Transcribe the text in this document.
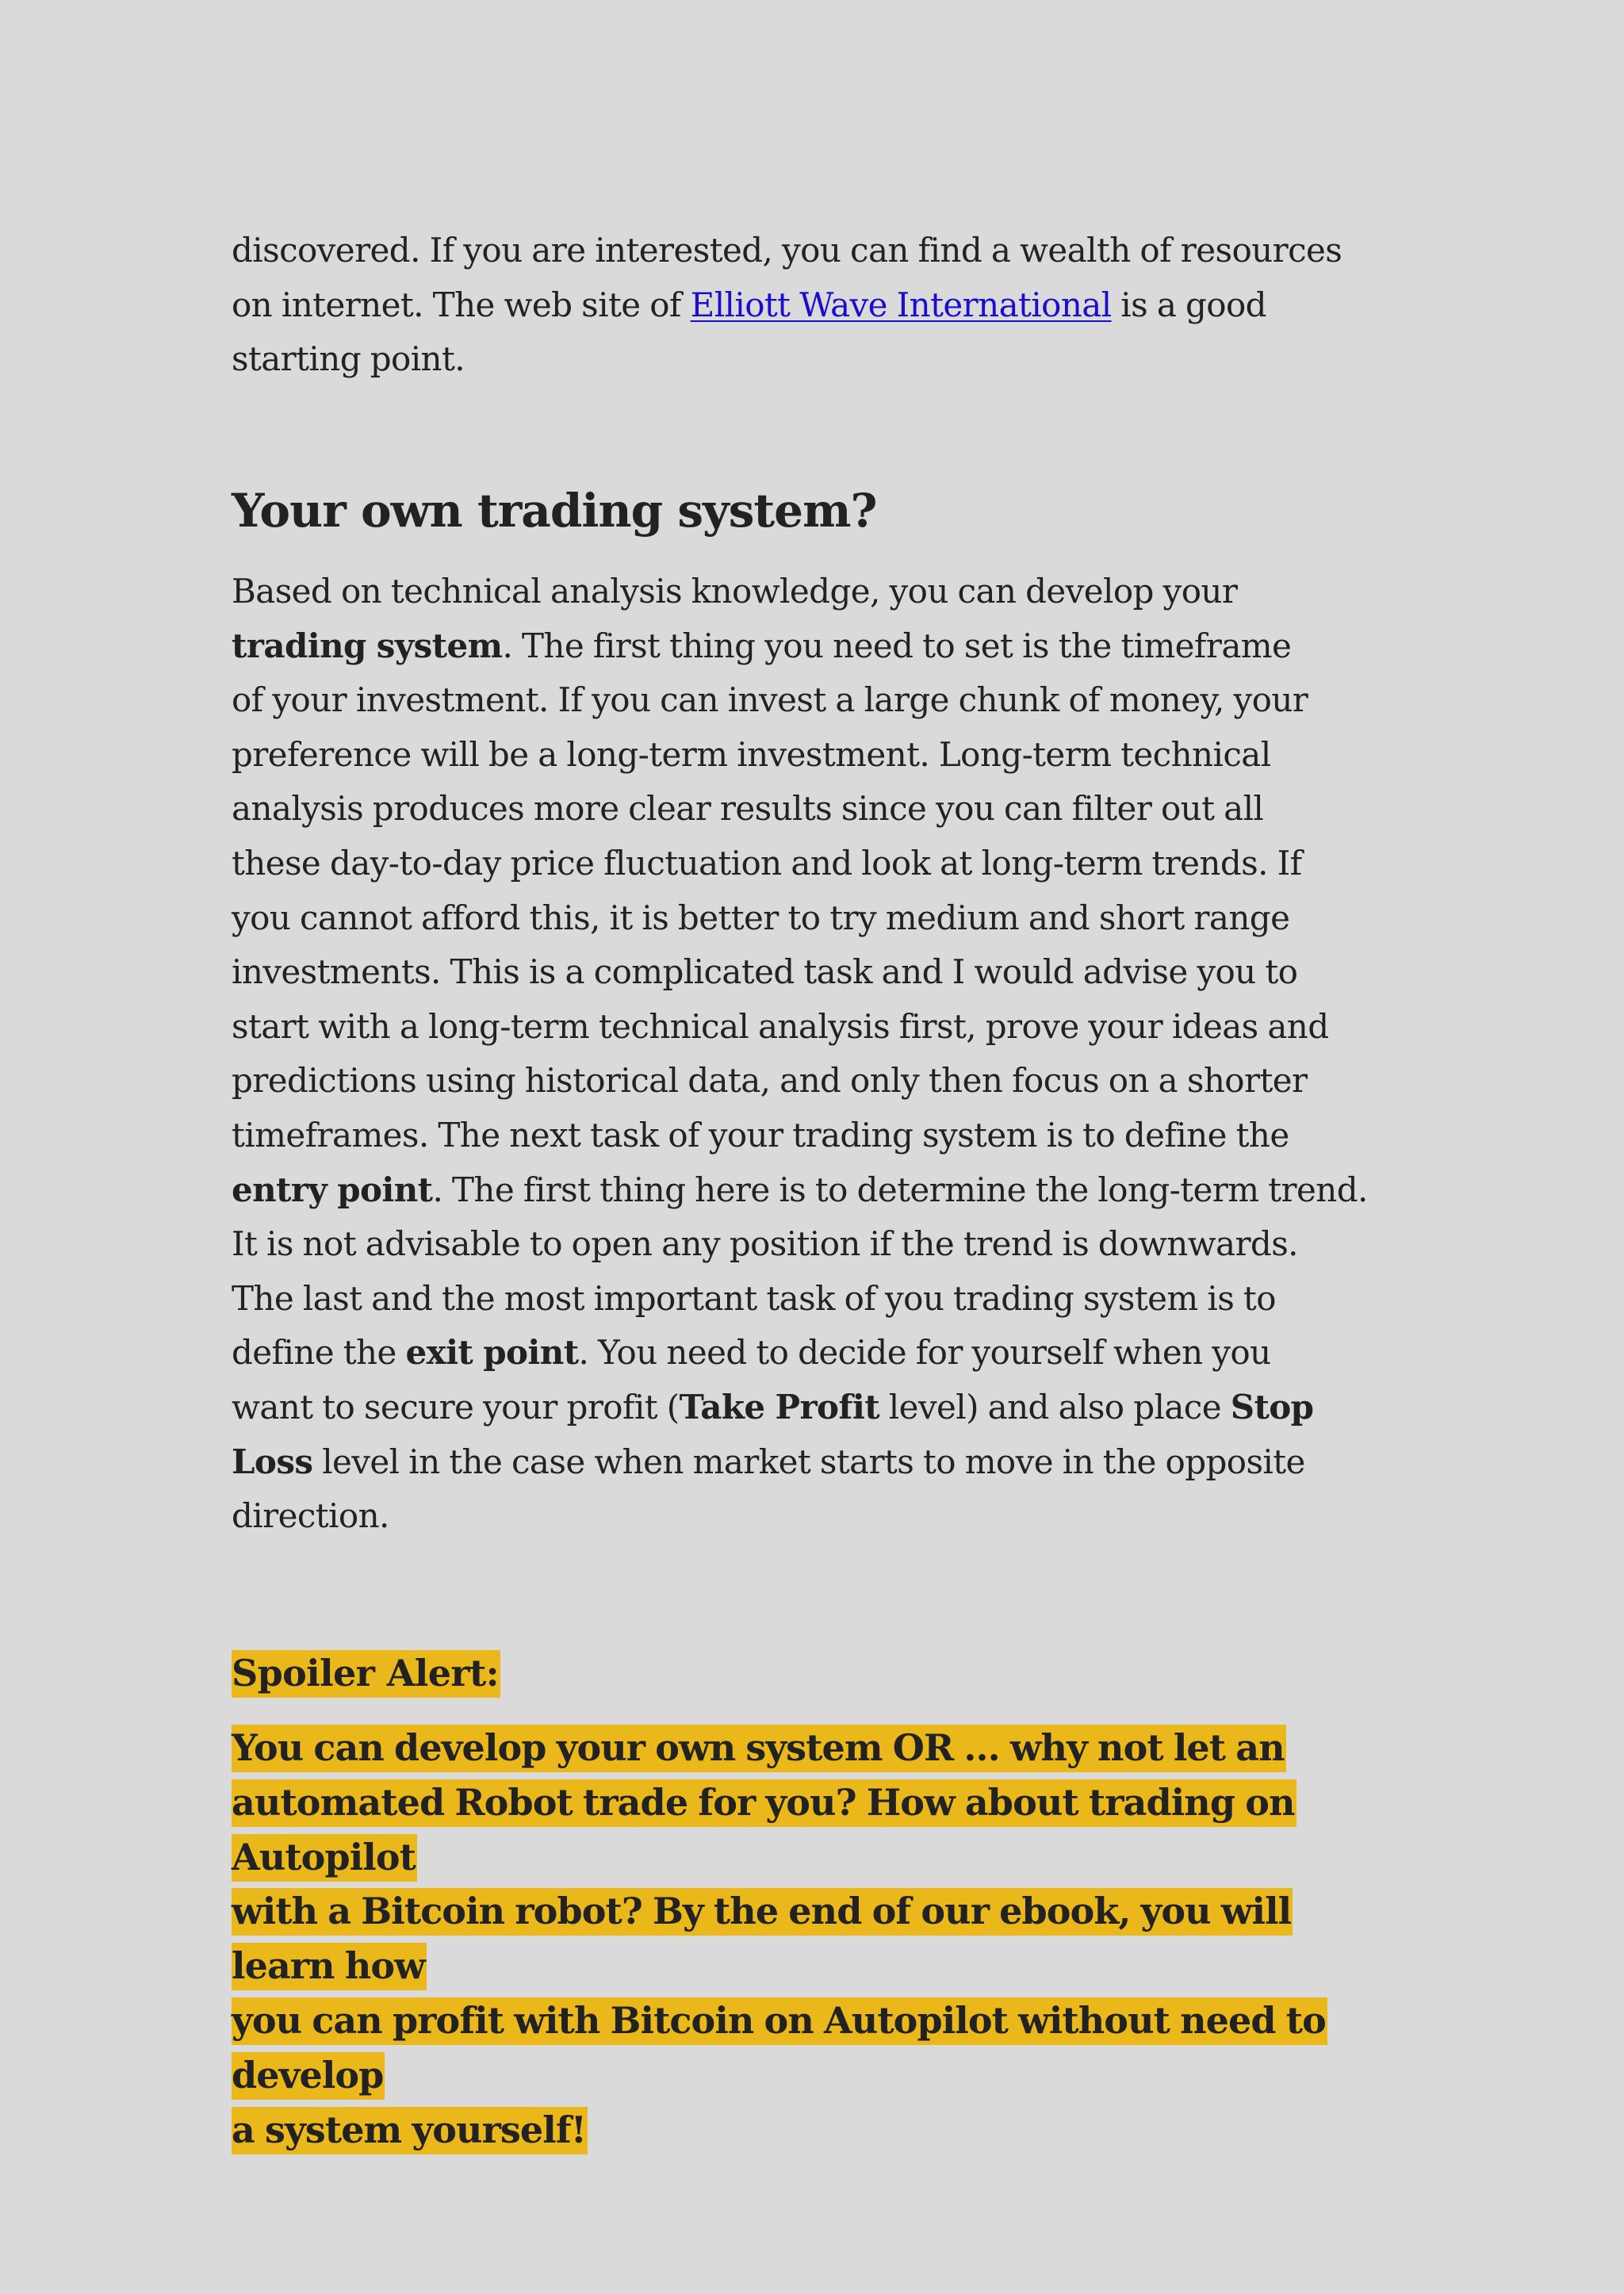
discovered. If you are interested, you can find a wealth of resources
on internet. The web site of Elliott Wave International is a good
starting point.

Your own trading system?

Based on technical analysis knowledge, you can develop your
trading system. The first thing you need to set is the timeframe
of your investment. If you can invest a large chunk of money, your
preference will be a long-term investment. Long-term technical
analysis produces more clear results since you can filter out all
these day-to-day price fluctuation and look at long-term trends. If
you cannot afford this, it is better to try medium and short range
investments. This is a complicated task and I would advise you to
start with a long-term technical analysis first, prove your ideas and
predictions using historical data, and only then focus on a shorter
timeframes. The next task of your trading system is to define the
entry point. The first thing here is to determine the long-term trend.
It is not advisable to open any position if the trend is downwards.
The last and the most important task of you trading system is to
define the exit point. You need to decide for yourself when you
want to secure your profit (Take Profit level) and also place Stop
Loss level in the case when market starts to move in the opposite
direction.

Spoiler Alert:

You can develop your own system OR ... why not let an
automated Robot trade for you? How about trading on Autopilot
with a Bitcoin robot? By the end of our ebook, you will learn how
you can profit with Bitcoin on Autopilot without need to develop
a system yourself!
